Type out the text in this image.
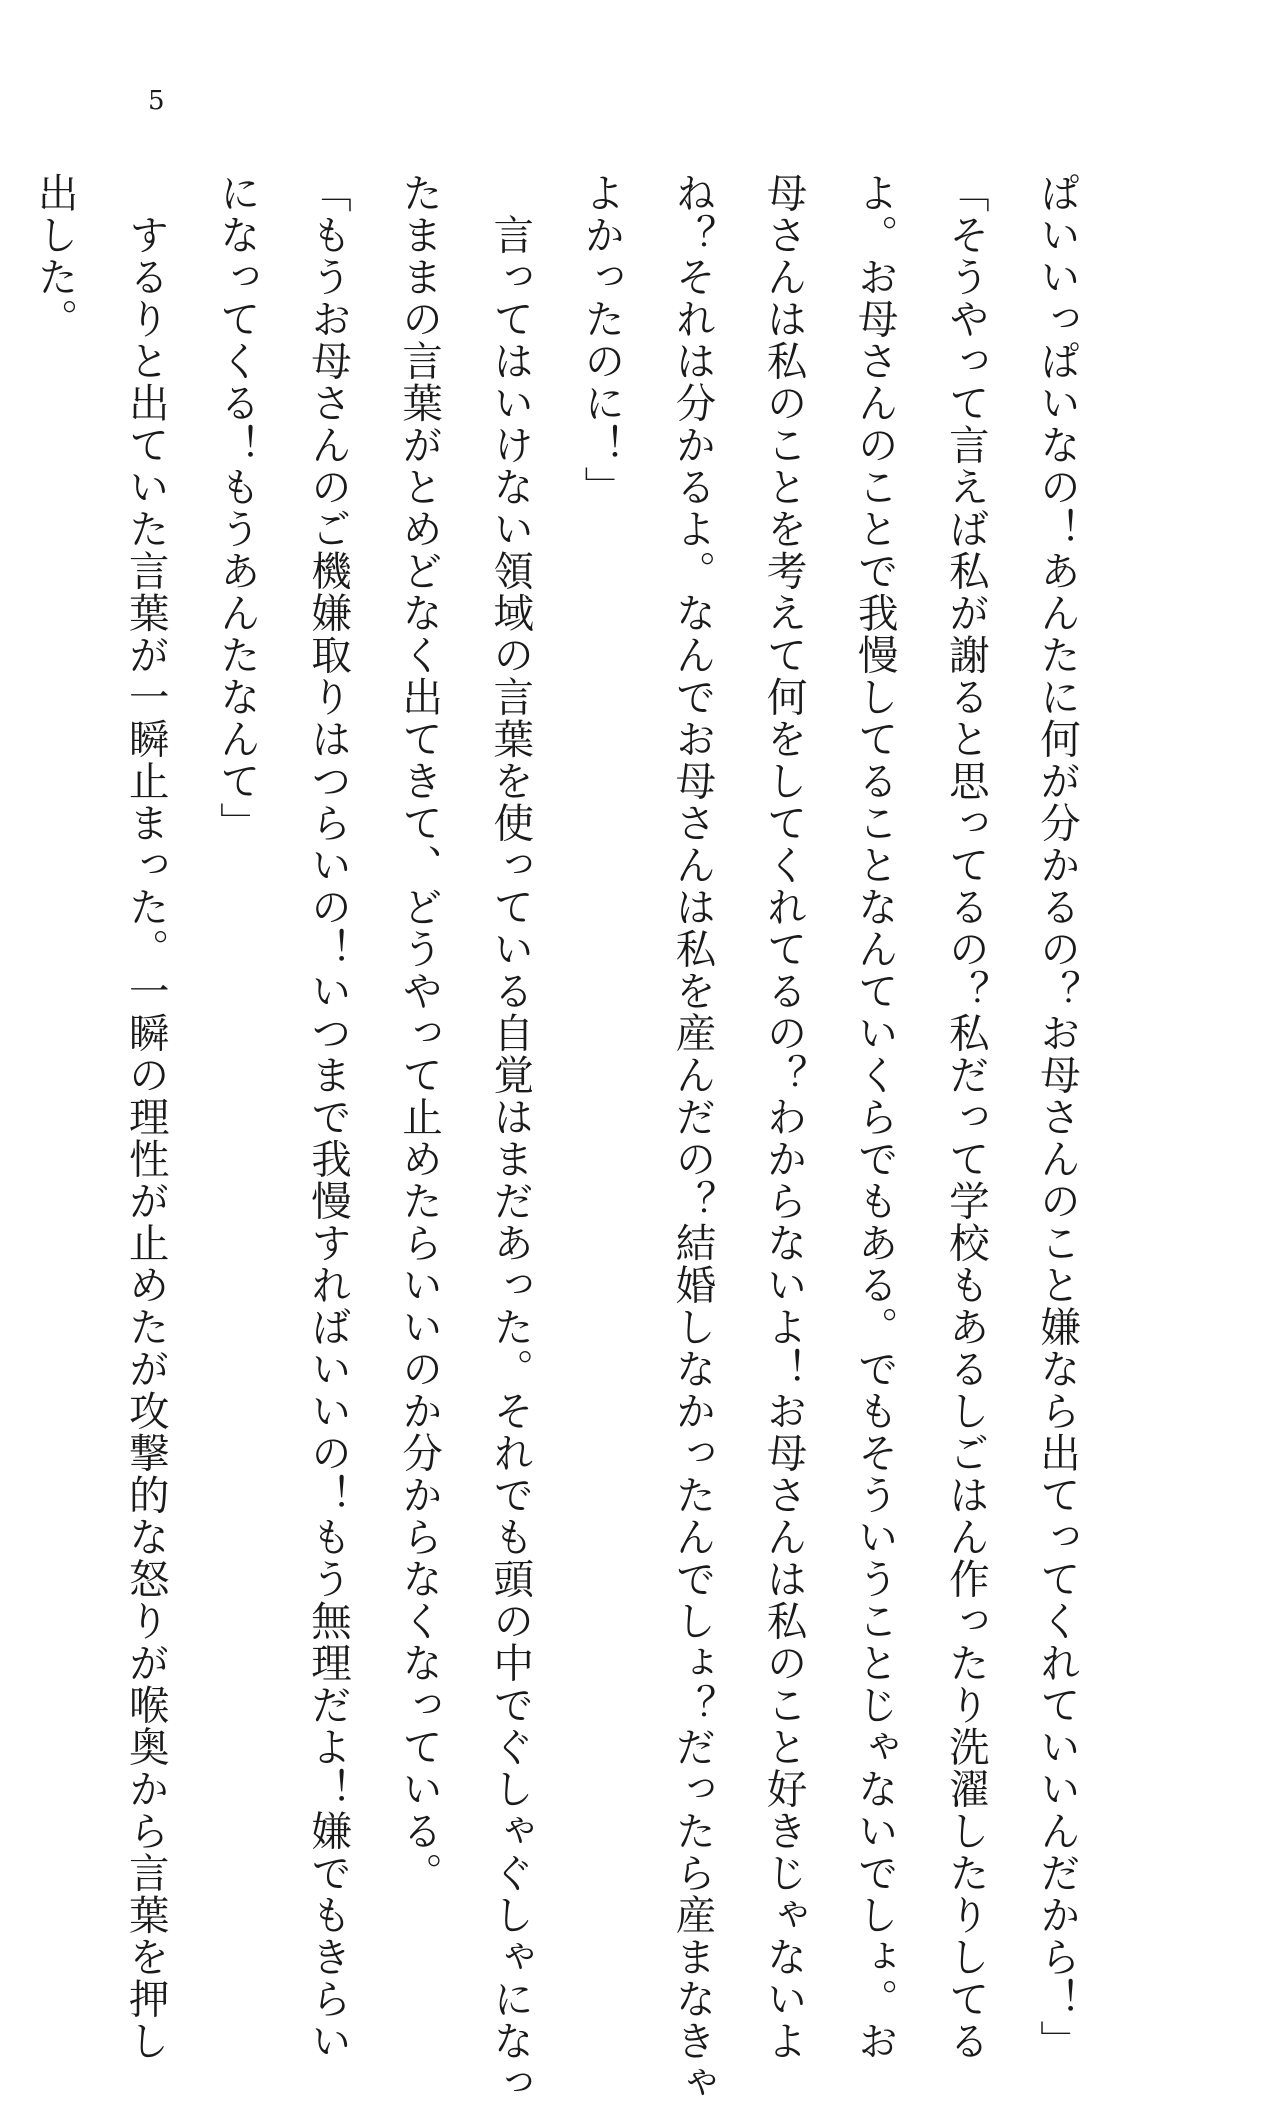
5
ぱいいっぱいなの！あんたに何が分かるの？お母さんのこと嫌なら出てってくれていいんだから！」
「そうやって言えば私が謝ると思ってるの？私だって学校もあるしごはん作ったり洗濯したりしてる
よ。お母さんのことで我慢してることなんていくらでもある。でもそういうことじゃないでしょ。お
母さんは私のことを考えて何をしてくれてるの？わからないよ！お母さんは私のこと好きじゃないよ
ね？それは分かるよ。なんでお母さんは私を産んだの？結婚しなかったんでしょ？だったら産まなきゃ
よかったのに！」
　言ってはいけない領域の言葉を使っている自覚はまだあった。それでも頭の中でぐしゃぐしゃになっ
たままの言葉がとめどなく出てきて、どうやって止めたらいいのか分からなくなっている。
「もうお母さんのご機嫌取りはつらいの！いつまで我慢すればいいの！もう無理だよ！嫌でもきらい
になってくる！もうあんたなんて」
　するりと出ていた言葉が一瞬止まった。一瞬の理性が止めたが攻撃的な怒りが喉奥から言葉を押し
出した。
